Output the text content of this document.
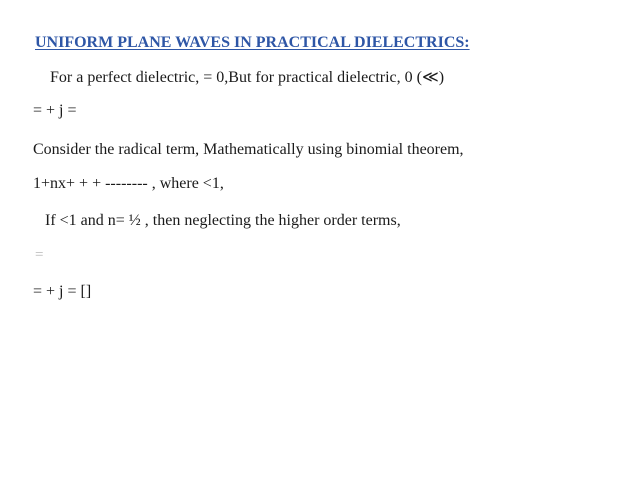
UNIFORM PLANE WAVES IN PRACTICAL DIELECTRICS:
For a perfect dielectric, = 0,But for practical dielectric, 0 (≪)
= + j =
Consider the radical term, Mathematically using binomial theorem,
1+nx+ + + -------- , where <1,
If <1 and n= ½ , then neglecting the higher order terms,
=
= + j = []
